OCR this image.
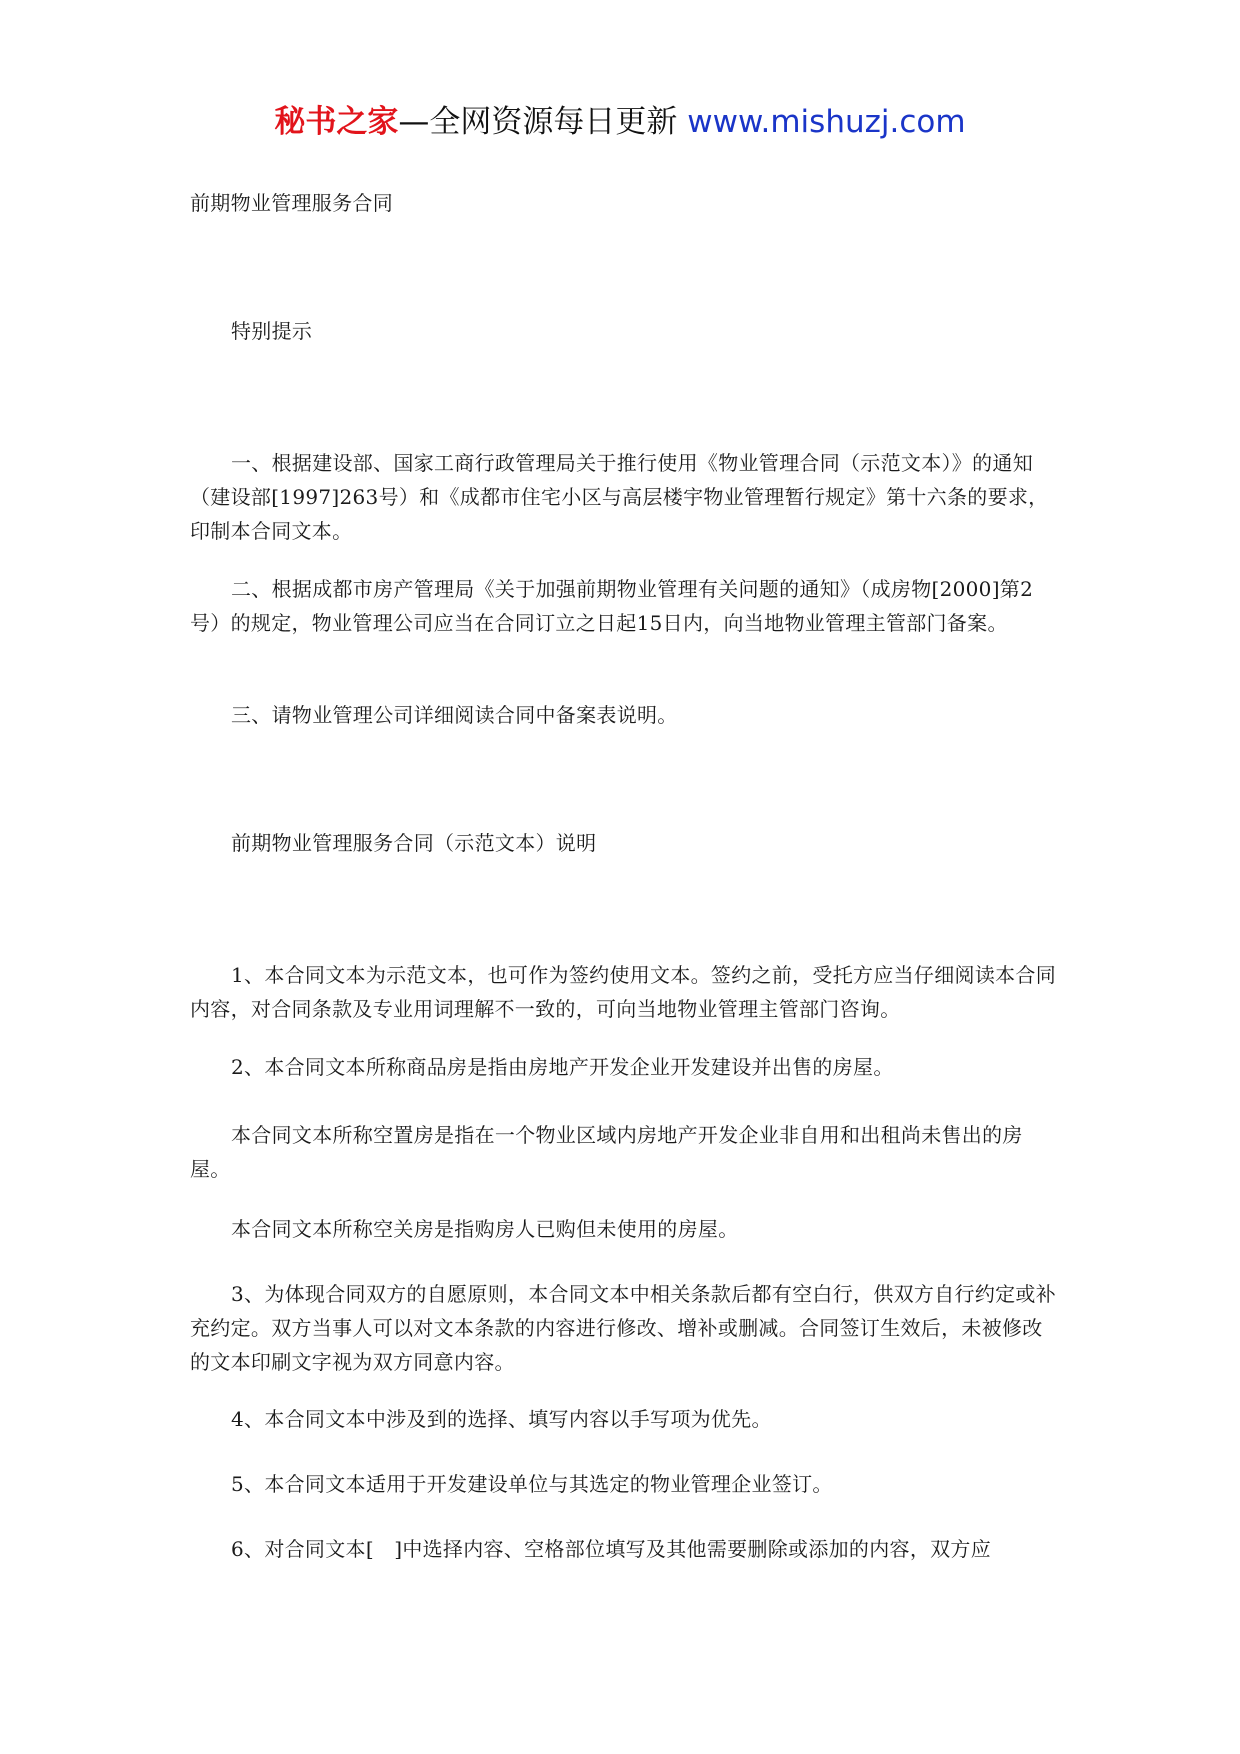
秘书之家—全网资源每日更新 www.mishuzj.com

前期物业管理服务合同

特别提示

一、根据建设部、国家工商行政管理局关于推行使用《物业管理合同（示范文本）》的通知（建设部[1997]263号）和《成都市住宅小区与高层楼宇物业管理暂行规定》第十六条的要求，印制本合同文本。

二、根据成都市房产管理局《关于加强前期物业管理有关问题的通知》（成房物[2000]第2号）的规定，物业管理公司应当在合同订立之日起15日内，向当地物业管理主管部门备案。

三、请物业管理公司详细阅读合同中备案表说明。

前期物业管理服务合同（示范文本）说明

1、本合同文本为示范文本，也可作为签约使用文本。签约之前，受托方应当仔细阅读本合同内容，对合同条款及专业用词理解不一致的，可向当地物业管理主管部门咨询。

2、本合同文本所称商品房是指由房地产开发企业开发建设并出售的房屋。

本合同文本所称空置房是指在一个物业区域内房地产开发企业非自用和出租尚未售出的房屋。

本合同文本所称空关房是指购房人已购但未使用的房屋。

3、为体现合同双方的自愿原则，本合同文本中相关条款后都有空白行，供双方自行约定或补充约定。双方当事人可以对文本条款的内容进行修改、增补或删减。合同签订生效后，未被修改的文本印刷文字视为双方同意内容。

4、本合同文本中涉及到的选择、填写内容以手写项为优先。

5、本合同文本适用于开发建设单位与其选定的物业管理企业签订。

6、对合同文本[　]中选择内容、空格部位填写及其他需要删除或添加的内容，双方应
